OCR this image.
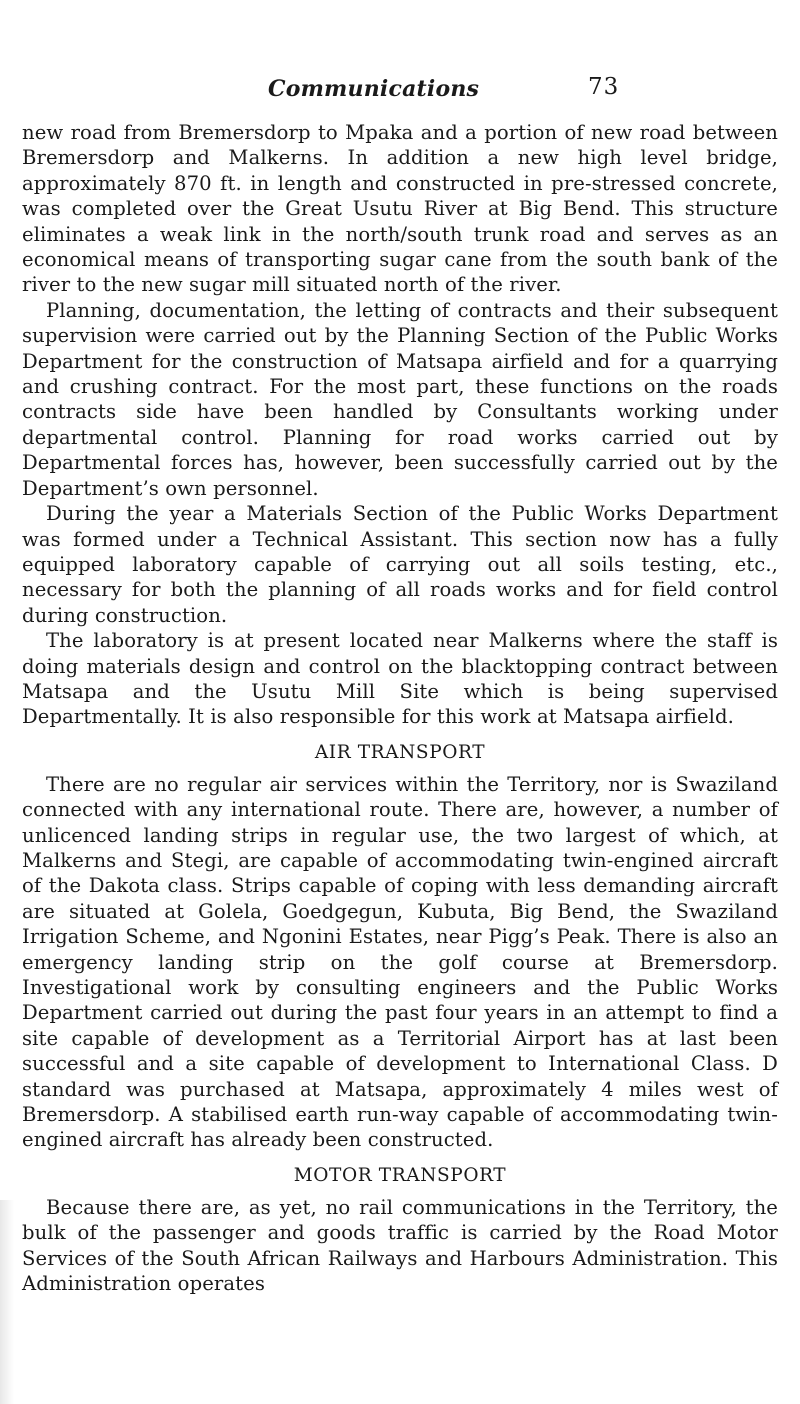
Communications	73

new road from Bremersdorp to Mpaka and a portion of new road between Bremersdorp and Malkerns. In addition a new high level bridge, approximately 870 ft. in length and constructed in pre-stressed concrete, was completed over the Great Usutu River at Big Bend. This structure eliminates a weak link in the north/south trunk road and serves as an economical means of transporting sugar cane from the south bank of the river to the new sugar mill situated north of the river.

Planning, documentation, the letting of contracts and their subsequent supervision were carried out by the Planning Section of the Public Works Department for the construction of Matsapa airfield and for a quarrying and crushing contract. For the most part, these functions on the roads contracts side have been handled by Consultants working under departmental control. Planning for road works carried out by Departmental forces has, however, been successfully carried out by the Department’s own personnel.

During the year a Materials Section of the Public Works Department was formed under a Technical Assistant. This section now has a fully equipped laboratory capable of carrying out all soils testing, etc., necessary for both the planning of all roads works and for field control during construction.

The laboratory is at present located near Malkerns where the staff is doing materials design and control on the blacktopping contract between Matsapa and the Usutu Mill Site which is being supervised Departmentally. It is also responsible for this work at Matsapa airfield.

AIR TRANSPORT

There are no regular air services within the Territory, nor is Swaziland connected with any international route. There are, however, a number of unlicenced landing strips in regular use, the two largest of which, at Malkerns and Stegi, are capable of accommodating twin-engined aircraft of the Dakota class. Strips capable of coping with less demanding aircraft are situated at Golela, Goedgegun, Kubuta, Big Bend, the Swaziland Irrigation Scheme, and Ngonini Estates, near Pigg’s Peak. There is also an emergency landing strip on the golf course at Bremersdorp. Investigational work by consulting engineers and the Public Works Department carried out during the past four years in an attempt to find a site capable of development as a Territorial Airport has at last been successful and a site capable of development to International Class. D standard was purchased at Matsapa, approximately 4 miles west of Bremersdorp. A stabilised earth run-way capable of accommodating twin-engined aircraft has already been constructed.

MOTOR TRANSPORT

Because there are, as yet, no rail communications in the Territory, the bulk of the passenger and goods traffic is carried by the Road Motor Services of the South African Railways and Harbours Administration. This Administration operates
